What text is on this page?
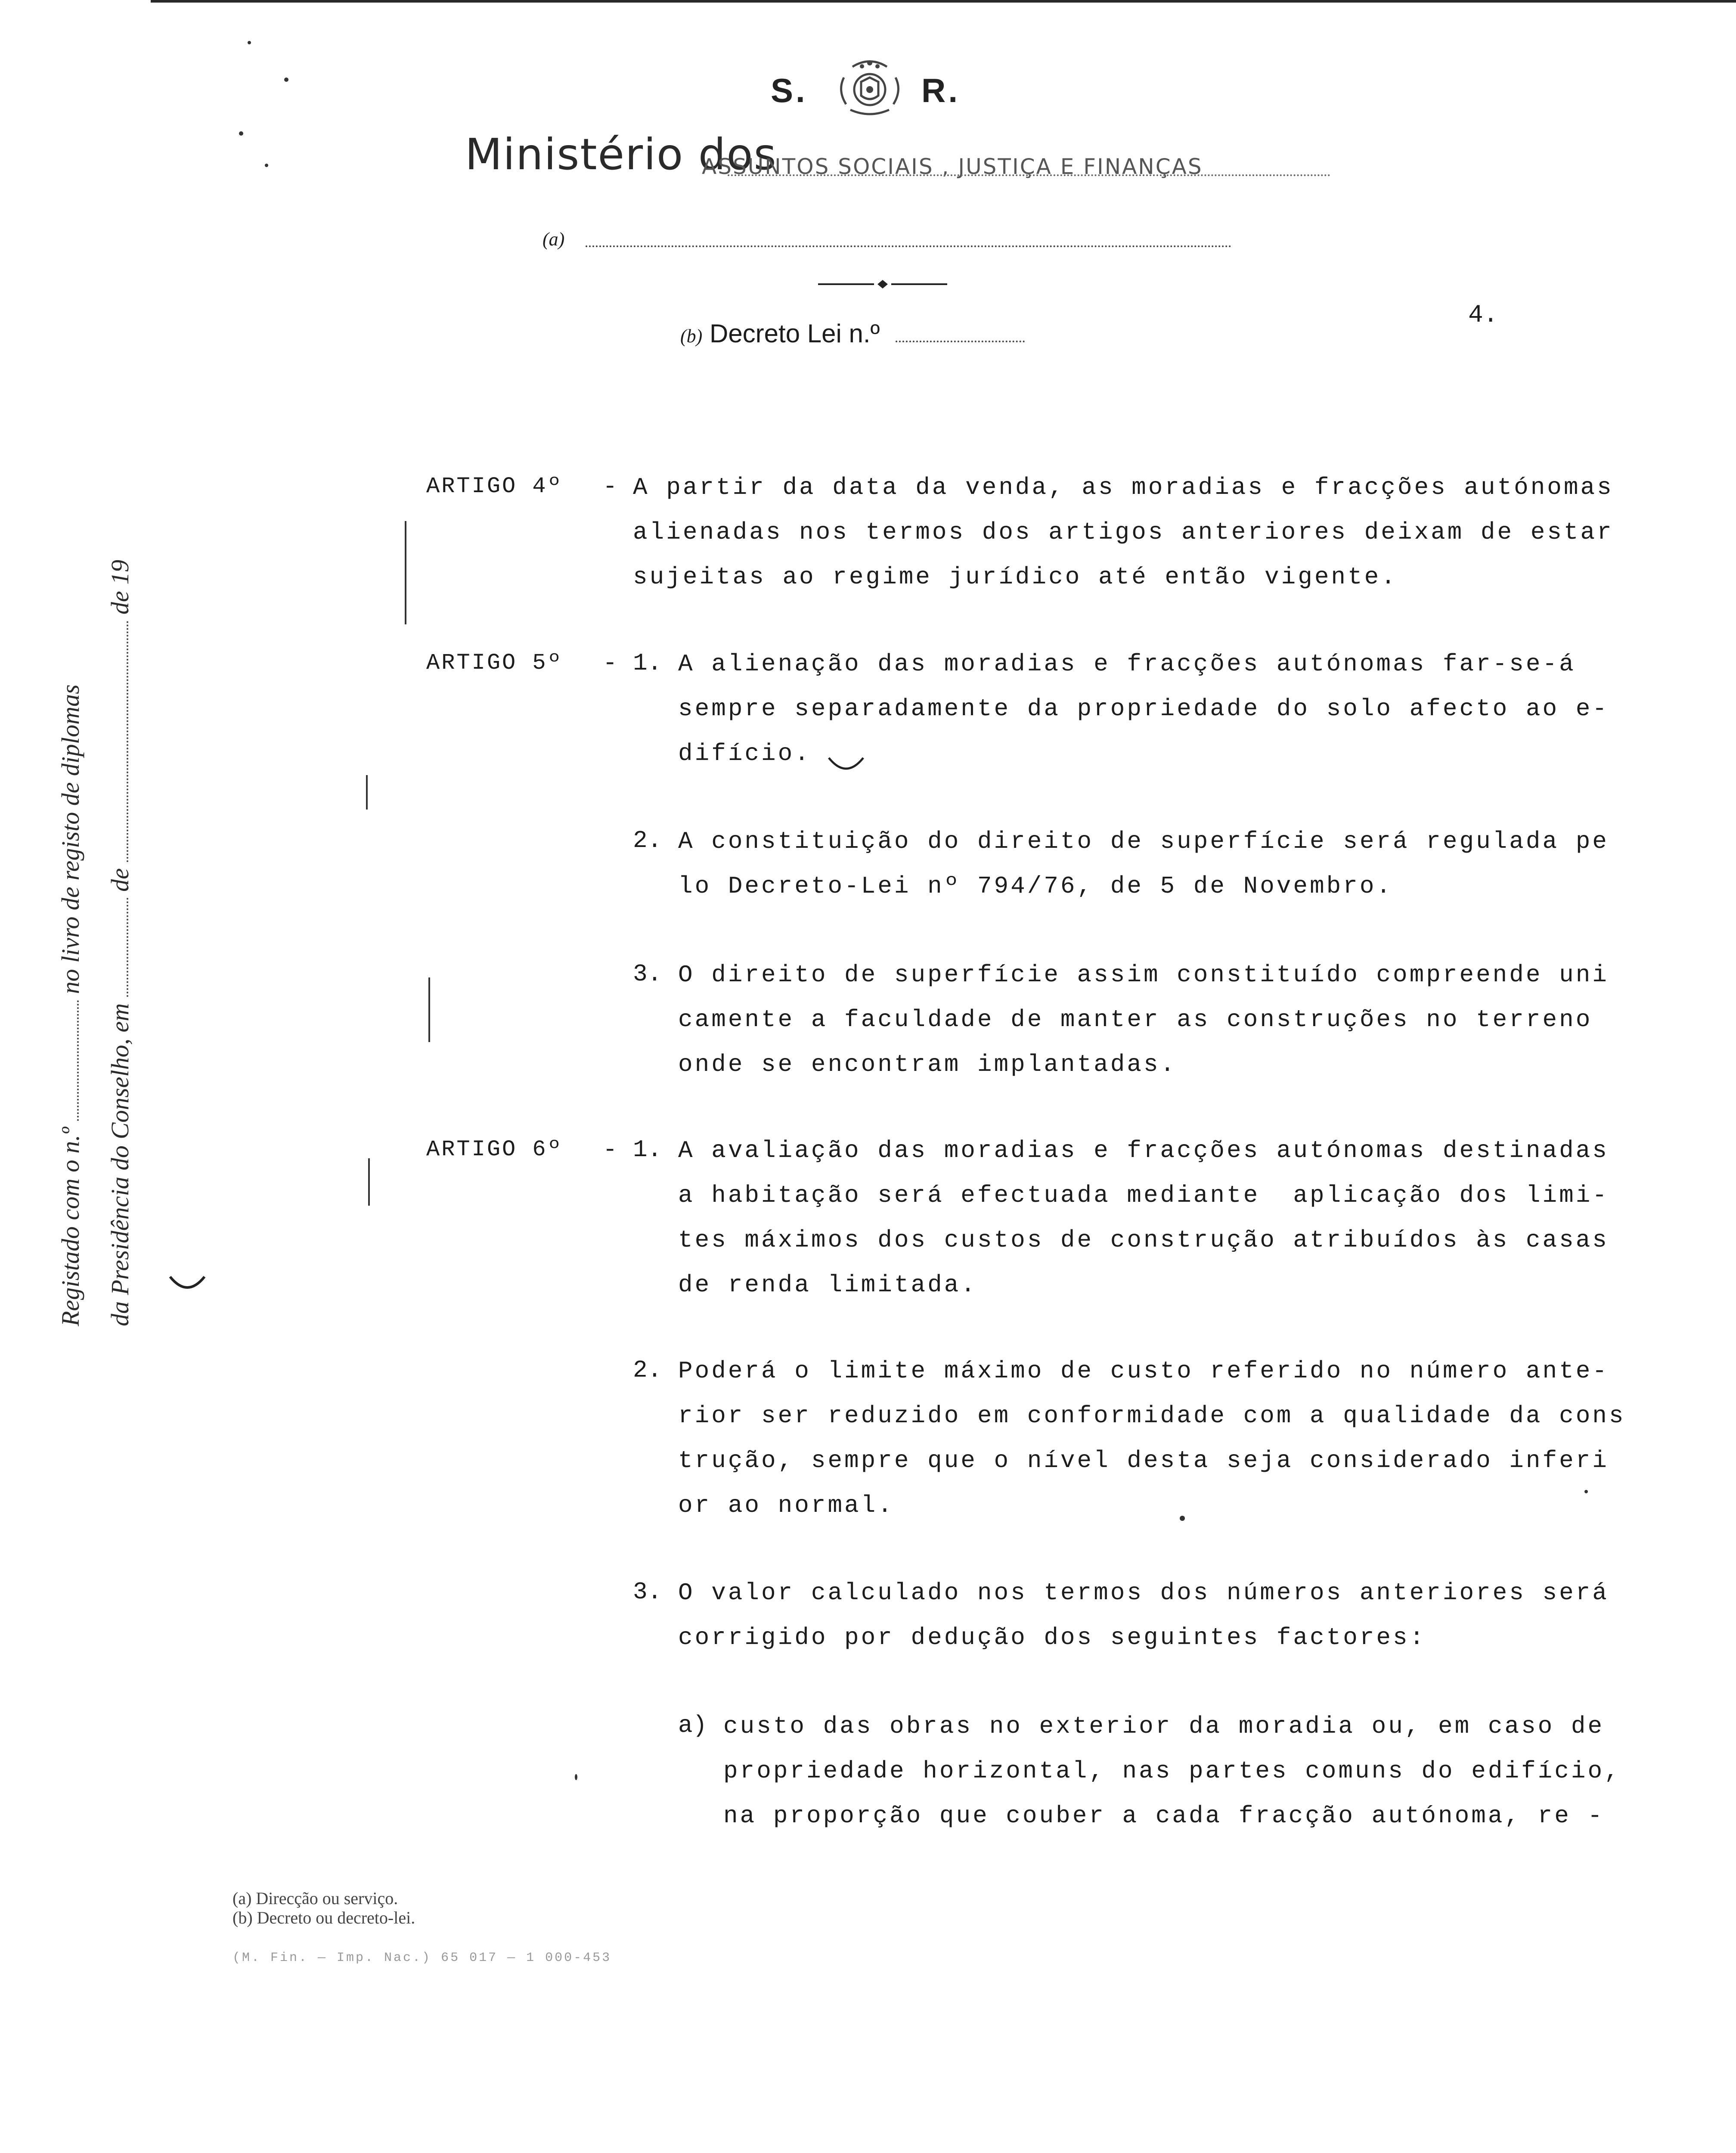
S.	R.
Ministério dos
ASSUNTOS SOCIAIS , JUSTIÇA E FINANÇAS
(a)
(b) Decreto Lei n.º
4.
Registado com o n.º  no livro de registo de diplomas
da Presidência do Conselho, em  de  de 19
ARTIGO 4º - A partir da data da venda, as moradias e fracções autónomas
alienadas nos termos dos artigos anteriores deixam de estar
sujeitas ao regime jurídico até então vigente.
ARTIGO 5º - 1. A alienação das moradias e fracções autónomas far-se-á
sempre separadamente da propriedade do solo afecto ao e-
difício.
2. A constituição do direito de superfície será regulada pe
lo Decreto-Lei nº 794/76, de 5 de Novembro.
3. O direito de superfície assim constituído compreende uni
camente a faculdade de manter as construções no terreno
onde se encontram implantadas.
ARTIGO 6º - 1. A avaliação das moradias e fracções autónomas destinadas
a habitação será efectuada mediante  aplicação dos limi-
tes máximos dos custos de construção atribuídos às casas
de renda limitada.
2. Poderá o limite máximo de custo referido no número ante-
rior ser reduzido em conformidade com a qualidade da cons
trução, sempre que o nível desta seja considerado inferi
or ao normal.
3. O valor calculado nos termos dos números anteriores será
corrigido por dedução dos seguintes factores:
a) custo das obras no exterior da moradia ou, em caso de
propriedade horizontal, nas partes comuns do edifício,
na proporção que couber a cada fracção autónoma, re -
(a) Direcção ou serviço.
(b) Decreto ou decreto-lei.
(M. Fin. — Imp. Nac.) 65 017 — 1 000-453
